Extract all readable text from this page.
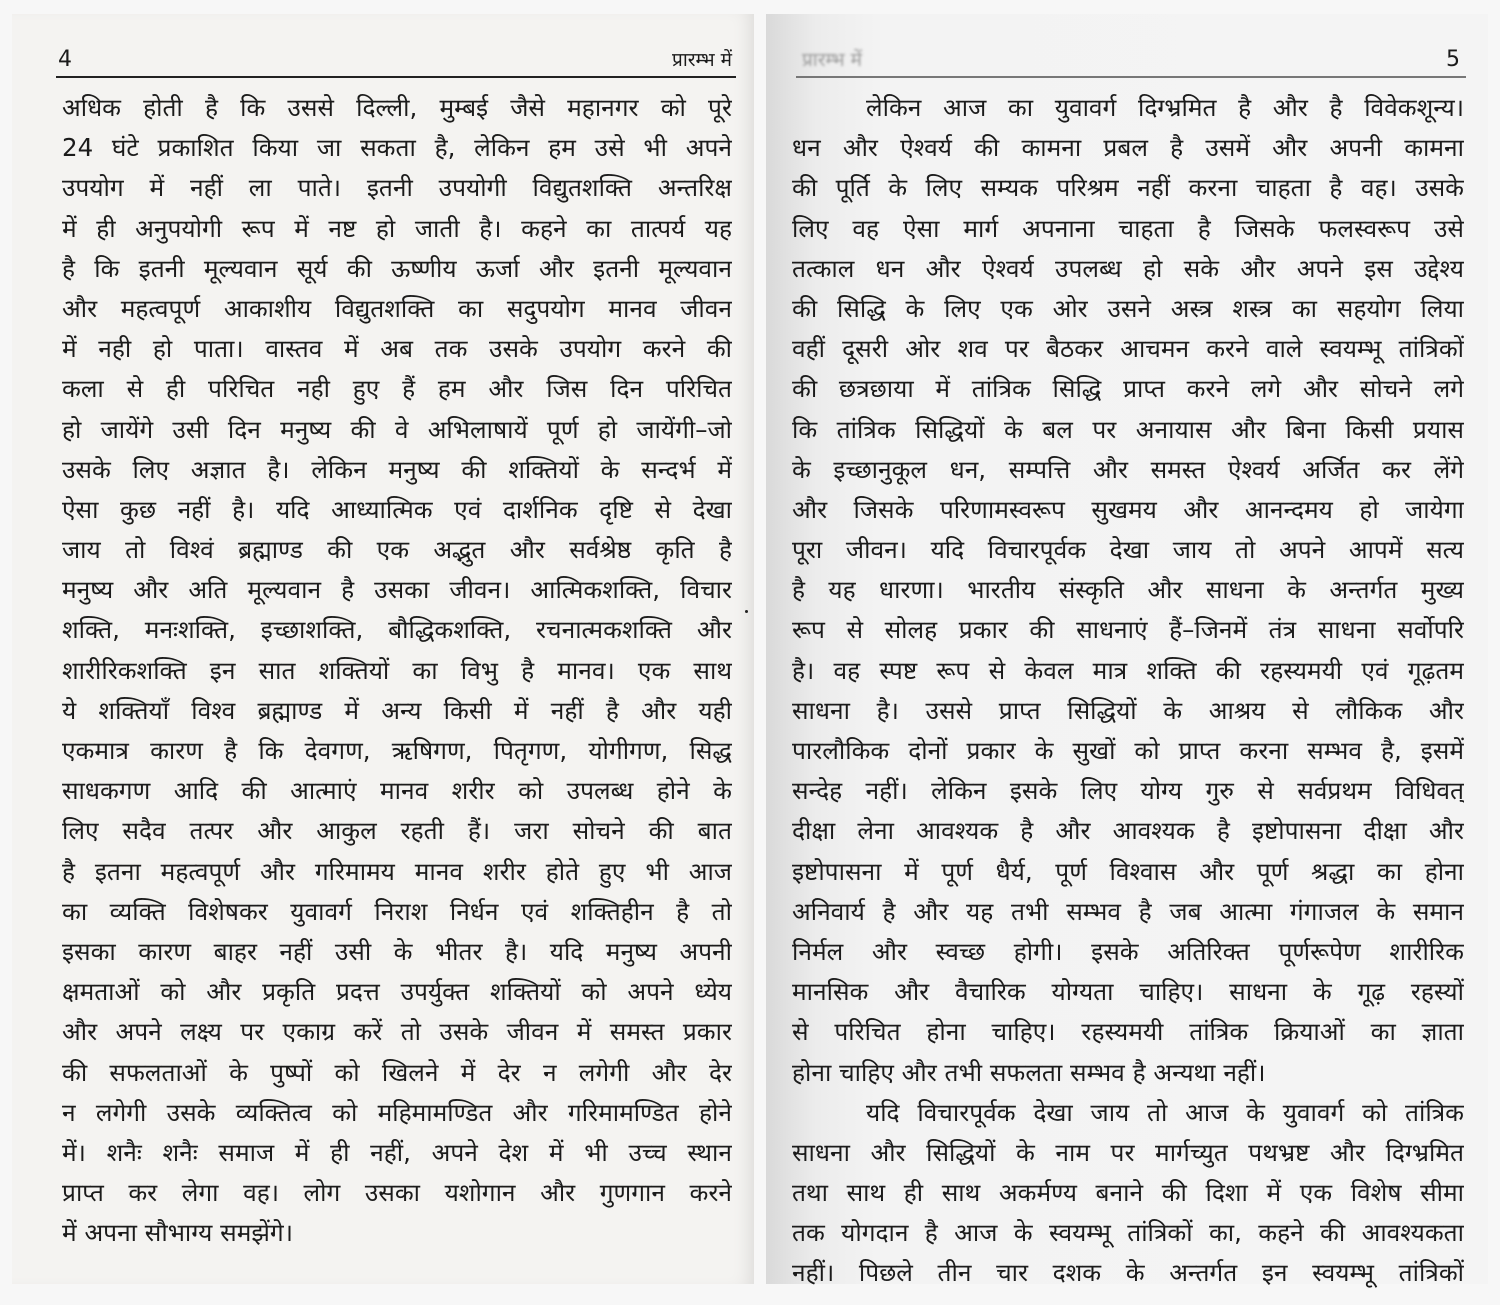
4	प्रारम्भ में
अधिक होती है कि उससे दिल्ली, मुम्बई जैसे महानगर को पूरे
24 घंटे प्रकाशित किया जा सकता है, लेकिन हम उसे भी अपने
उपयोग में नहीं ला पाते। इतनी उपयोगी विद्युतशक्ति अन्तरिक्ष
में ही अनुपयोगी रूप में नष्ट हो जाती है। कहने का तात्पर्य यह
है कि इतनी मूल्यवान सूर्य की ऊष्णीय ऊर्जा और इतनी मूल्यवान
और महत्वपूर्ण आकाशीय विद्युतशक्ति का सदुपयोग मानव जीवन
में नही हो पाता। वास्तव में अब तक उसके उपयोग करने की
कला से ही परिचित नही हुए हैं हम और जिस दिन परिचित
हो जायेंगे उसी दिन मनुष्य की वे अभिलाषायें पूर्ण हो जायेंगी–जो
उसके लिए अज्ञात है। लेकिन मनुष्य की शक्तियों के सन्दर्भ में
ऐसा कुछ नहीं है। यदि आध्यात्मिक एवं दार्शनिक दृष्टि से देखा
जाय तो विश्वं ब्रह्माण्ड की एक अद्भुत और सर्वश्रेष्ठ कृति है
मनुष्य और अति मूल्यवान है उसका जीवन। आत्मिकशक्ति, विचार
शक्ति, मनःशक्ति, इच्छाशक्ति, बौद्धिकशक्ति, रचनात्मकशक्ति और
शारीरिकशक्ति इन सात शक्तियों का विभु है मानव। एक साथ
ये शक्तियाँ विश्व ब्रह्माण्ड में अन्य किसी में नहीं है और यही
एकमात्र कारण है कि देवगण, ऋषिगण, पितृगण, योगीगण, सिद्ध
साधकगण आदि की आत्माएं मानव शरीर को उपलब्ध होने के
लिए सदैव तत्पर और आकुल रहती हैं। जरा सोचने की बात
है इतना महत्वपूर्ण और गरिमामय मानव शरीर होते हुए भी आज
का व्यक्ति विशेषकर युवावर्ग निराश निर्धन एवं शक्तिहीन है तो
इसका कारण बाहर नहीं उसी के भीतर है। यदि मनुष्य अपनी
क्षमताओं को और प्रकृति प्रदत्त उपर्युक्त शक्तियों को अपने ध्येय
और अपने लक्ष्य पर एकाग्र करें तो उसके जीवन में समस्त प्रकार
की सफलताओं के पुष्पों को खिलने में देर न लगेगी और देर
न लगेगी उसके व्यक्तित्व को महिमामण्डित और गरिमामण्डित होने
में। शनैः शनैः समाज में ही नहीं, अपने देश में भी उच्च स्थान
प्राप्त कर लेगा वह। लोग उसका यशोगान और गुणगान करने
में अपना सौभाग्य समझेंगे।
प्रारम्भ में	5
लेकिन आज का युवावर्ग दिग्भ्रमित है और है विवेकशून्य।
धन और ऐश्वर्य की कामना प्रबल है उसमें और अपनी कामना
की पूर्ति के लिए सम्यक परिश्रम नहीं करना चाहता है वह। उसके
लिए वह ऐसा मार्ग अपनाना चाहता है जिसके फलस्वरूप उसे
तत्काल धन और ऐश्वर्य उपलब्ध हो सके और अपने इस उद्देश्य
की सिद्धि के लिए एक ओर उसने अस्त्र शस्त्र का सहयोग लिया
वहीं दूसरी ओर शव पर बैठकर आचमन करने वाले स्वयम्भू तांत्रिकों
की छत्रछाया में तांत्रिक सिद्धि प्राप्त करने लगे और सोचने लगे
कि तांत्रिक सिद्धियों के बल पर अनायास और बिना किसी प्रयास
के इच्छानुकूल धन, सम्पत्ति और समस्त ऐश्वर्य अर्जित कर लेंगे
और जिसके परिणामस्वरूप सुखमय और आनन्दमय हो जायेगा
पूरा जीवन। यदि विचारपूर्वक देखा जाय तो अपने आपमें सत्य
है यह धारणा। भारतीय संस्कृति और साधना के अन्तर्गत मुख्य
रूप से सोलह प्रकार की साधनाएं हैं–जिनमें तंत्र साधना सर्वोपरि
है। वह स्पष्ट रूप से केवल मात्र शक्ति की रहस्यमयी एवं गूढ़तम
साधना है। उससे प्राप्त सिद्धियों के आश्रय से लौकिक और
पारलौकिक दोनों प्रकार के सुखों को प्राप्त करना सम्भव है, इसमें
सन्देह नहीं। लेकिन इसके लिए योग्य गुरु से सर्वप्रथम विधिवत्
दीक्षा लेना आवश्यक है और आवश्यक है इष्टोपासना दीक्षा और
इष्टोपासना में पूर्ण धैर्य, पूर्ण विश्वास और पूर्ण श्रद्धा का होना
अनिवार्य है और यह तभी सम्भव है जब आत्मा गंगाजल के समान
निर्मल और स्वच्छ होगी। इसके अतिरिक्त पूर्णरूपेण शारीरिक
मानसिक और वैचारिक योग्यता चाहिए। साधना के गूढ़ रहस्यों
से परिचित होना चाहिए। रहस्यमयी तांत्रिक क्रियाओं का ज्ञाता
होना चाहिए और तभी सफलता सम्भव है अन्यथा नहीं।
यदि विचारपूर्वक देखा जाय तो आज के युवावर्ग को तांत्रिक
साधना और सिद्धियों के नाम पर मार्गच्युत पथभ्रष्ट और दिग्भ्रमित
तथा साथ ही साथ अकर्मण्य बनाने की दिशा में एक विशेष सीमा
तक योगदान है आज के स्वयम्भू तांत्रिकों का, कहने की आवश्यकता
नहीं। पिछले तीन चार दशक के अन्तर्गत इन स्वयम्भू तांत्रिकों
